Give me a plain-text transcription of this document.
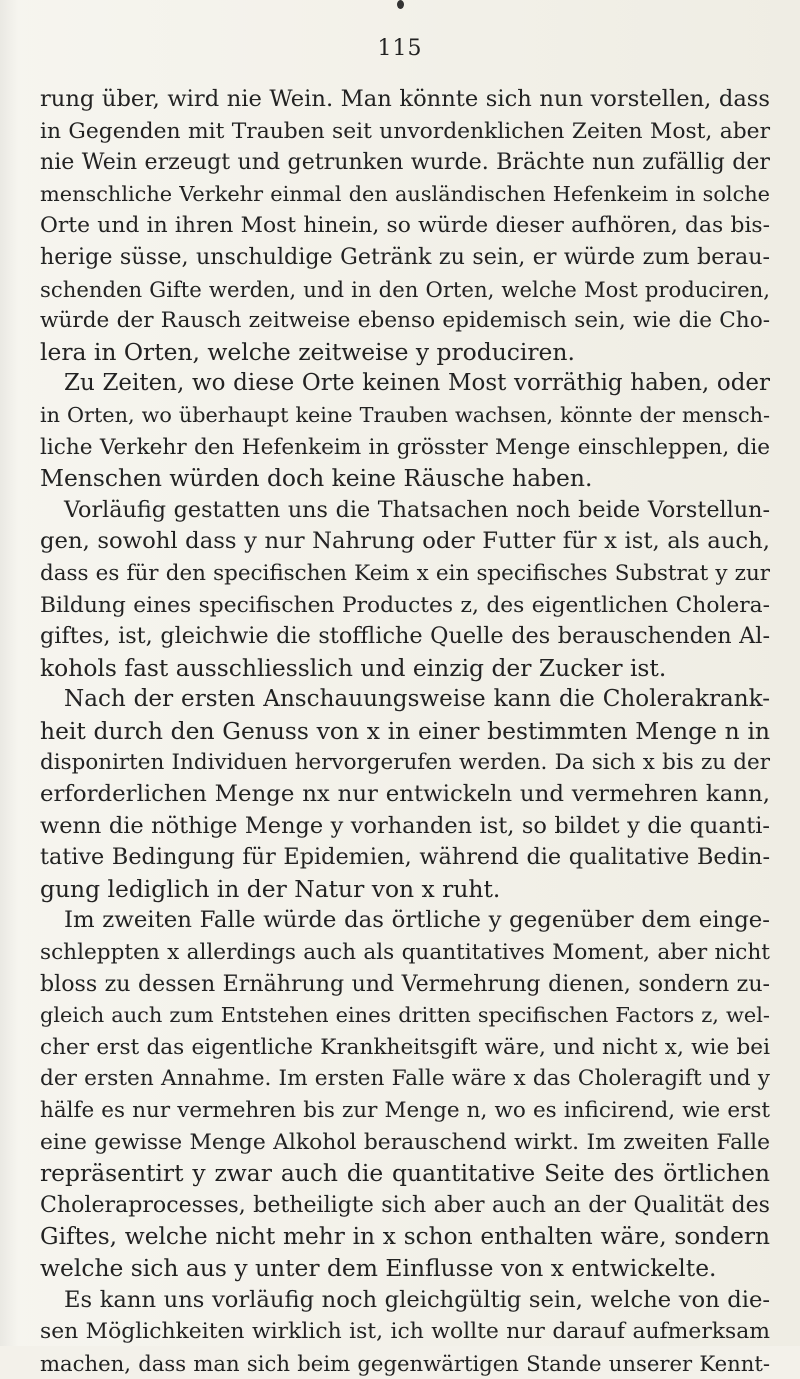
115
rung über, wird nie Wein. Man könnte sich nun vorstellen, dass
in Gegenden mit Trauben seit unvordenklichen Zeiten Most, aber
nie Wein erzeugt und getrunken wurde. Brächte nun zufällig der
menschliche Verkehr einmal den ausländischen Hefenkeim in solche
Orte und in ihren Most hinein, so würde dieser aufhören, das bis-
herige süsse, unschuldige Getränk zu sein, er würde zum berau-
schenden Gifte werden, und in den Orten, welche Most produciren,
würde der Rausch zeitweise ebenso epidemisch sein, wie die Cho-
lera in Orten, welche zeitweise y produciren.
Zu Zeiten, wo diese Orte keinen Most vorräthig haben, oder
in Orten, wo überhaupt keine Trauben wachsen, könnte der mensch-
liche Verkehr den Hefenkeim in grösster Menge einschleppen, die
Menschen würden doch keine Räusche haben.
Vorläufig gestatten uns die Thatsachen noch beide Vorstellun-
gen, sowohl dass y nur Nahrung oder Futter für x ist, als auch,
dass es für den specifischen Keim x ein specifisches Substrat y zur
Bildung eines specifischen Productes z, des eigentlichen Cholera-
giftes, ist, gleichwie die stoffliche Quelle des berauschenden Al-
kohols fast ausschliesslich und einzig der Zucker ist.
Nach der ersten Anschauungsweise kann die Cholerakrank-
heit durch den Genuss von x in einer bestimmten Menge n in
disponirten Individuen hervorgerufen werden. Da sich x bis zu der
erforderlichen Menge nx nur entwickeln und vermehren kann,
wenn die nöthige Menge y vorhanden ist, so bildet y die quanti-
tative Bedingung für Epidemien, während die qualitative Bedin-
gung lediglich in der Natur von x ruht.
Im zweiten Falle würde das örtliche y gegenüber dem einge-
schleppten x allerdings auch als quantitatives Moment, aber nicht
bloss zu dessen Ernährung und Vermehrung dienen, sondern zu-
gleich auch zum Entstehen eines dritten specifischen Factors z, wel-
cher erst das eigentliche Krankheitsgift wäre, und nicht x, wie bei
der ersten Annahme. Im ersten Falle wäre x das Choleragift und y
hälfe es nur vermehren bis zur Menge n, wo es inficirend, wie erst
eine gewisse Menge Alkohol berauschend wirkt. Im zweiten Falle
repräsentirt y zwar auch die quantitative Seite des örtlichen
Choleraprocesses, betheiligte sich aber auch an der Qualität des
Giftes, welche nicht mehr in x schon enthalten wäre, sondern
welche sich aus y unter dem Einflusse von x entwickelte.
Es kann uns vorläufig noch gleichgültig sein, welche von die-
sen Möglichkeiten wirklich ist, ich wollte nur darauf aufmerksam
machen, dass man sich beim gegenwärtigen Stande unserer Kennt-
